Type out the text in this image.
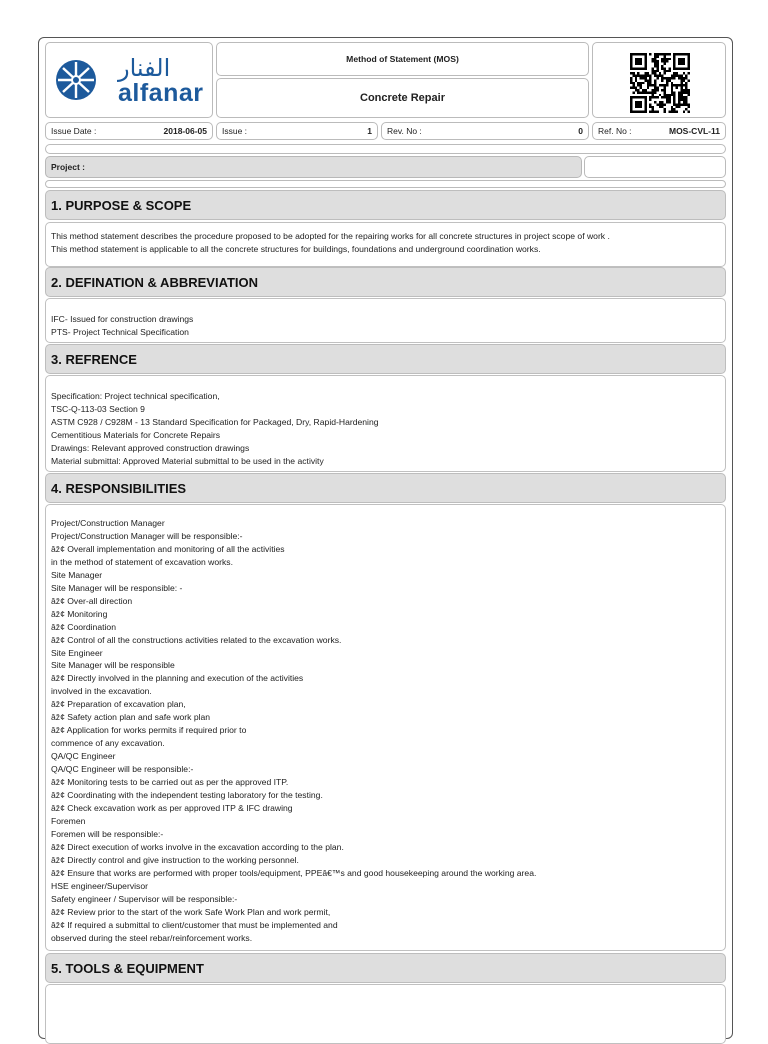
الفنار
alfanar
Method of Statement (MOS)
Concrete Repair
Issue Date :	2018-06-05 Issue :	1 Rev. No :	0 Ref. No :	MOS-CVL-11
Project :
1. PURPOSE & SCOPE
This method statement describes the procedure proposed to be adopted for the repairing works for all concrete structures in project scope of work .
This method statement is applicable to all the concrete structures for buildings, foundations and underground coordination works.
2. DEFINATION & ABBREVIATION
IFC- Issued for construction drawings
PTS- Project Technical Specification
3. REFRENCE
Specification: Project technical specification,
TSC-Q-113-03 Section 9
ASTM C928 / C928M - 13 Standard Specification for Packaged, Dry, Rapid-Hardening
Cementitious Materials for Concrete Repairs
Drawings: Relevant approved construction drawings
Material submittal: Approved Material submittal to be used in the activity
4. RESPONSIBILITIES
Project/Construction Manager
Project/Construction Manager will be responsible:-
âž¢ Overall implementation and monitoring of all the activities
in the method of statement of excavation works.
Site Manager
Site Manager will be responsible: -
âž¢ Over-all direction
âž¢ Monitoring
âž¢ Coordination
âž¢ Control of all the constructions activities related to the excavation works.
Site Engineer
Site Manager will be responsible
âž¢ Directly involved in the planning and execution of the activities
involved in the excavation.
âž¢ Preparation of excavation plan,
âž¢ Safety action plan and safe work plan
âž¢ Application for works permits if required prior to
commence of any excavation.
QA/QC Engineer
QA/QC Engineer will be responsible:-
âž¢ Monitoring tests to be carried out as per the approved ITP.
âž¢ Coordinating with the independent testing laboratory for the testing.
âž¢ Check excavation work as per approved ITP & IFC drawing
Foremen
Foremen will be responsible:-
âž¢ Direct execution of works involve in the excavation according to the plan.
âž¢ Directly control and give instruction to the working personnel.
âž¢ Ensure that works are performed with proper tools/equipment, PPEâ€™s and good housekeeping around the working area.
HSE engineer/Supervisor
Safety engineer / Supervisor will be responsible:-
âž¢ Review prior to the start of the work Safe Work Plan and work permit,
âž¢ If required a submittal to client/customer that must be implemented and
observed during the steel rebar/reinforcement works.
5. TOOLS & EQUIPMENT
